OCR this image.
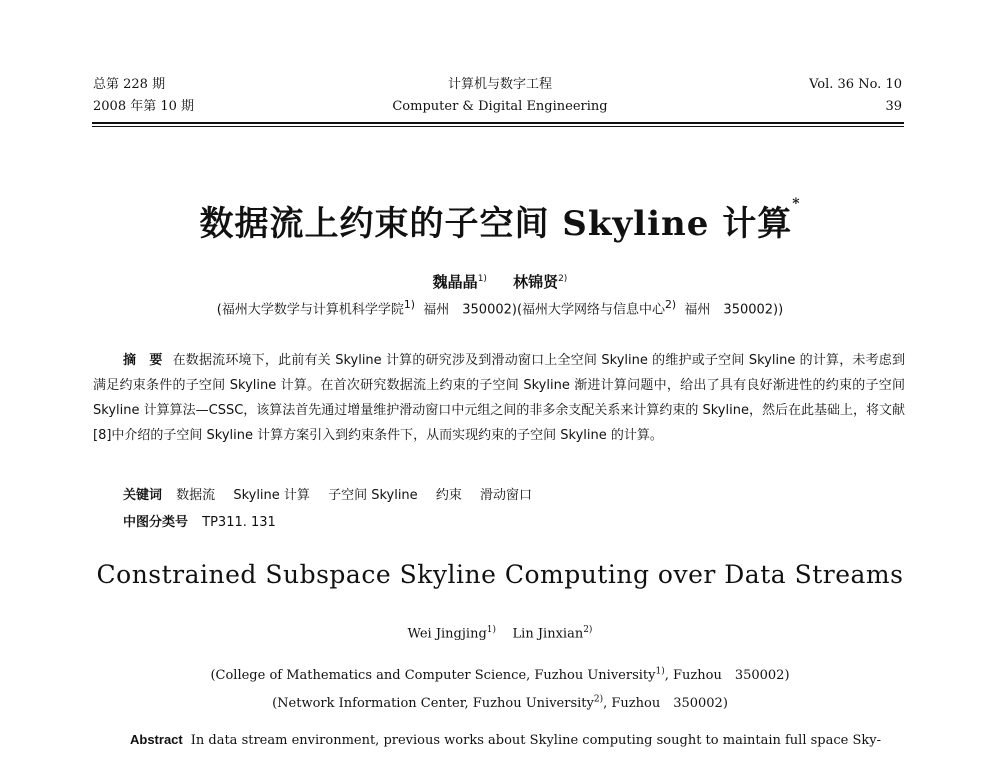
总第 228 期
2008 年第 10 期
计算机与数字工程
Computer & Digital Engineering
Vol. 36 No. 10
39
数据流上约束的子空间 Skyline 计算*
魏晶晶$^{1)}$ 林锦贤$^{2)}$
(福州大学数学与计算机科学学院$^{1)}$ 福州　350002)(福州大学网络与信息中心$^{2)}$ 福州　350002))
摘　要 在数据流环境下，此前有关 Skyline 计算的研究涉及到滑动窗口上全空间 Skyline 的维护或子空间 Skyline 的计算，未考虑到满足约束条件的子空间 Skyline 计算。在首次研究数据流上约束的子空间 Skyline 渐进计算问题中，给出了具有良好渐进性的约束的子空间 Skyline 计算算法—CSSC，该算法首先通过增量维护滑动窗口中元组之间的非多余支配关系来计算约束的 Skyline，然后在此基础上，将文献[8]中介绍的子空间 Skyline 计算方案引入到约束条件下，从而实现约束的子空间 Skyline 的计算。
关键词 数据流 Skyline 计算 子空间 Skyline 约束 滑动窗口
中图分类号 TP311. 131
Constrained Subspace Skyline Computing over Data Streams
Wei Jingjing$^{1)}$ Lin Jinxian$^{2)}$
(College of Mathematics and Computer Science, Fuzhou University$^{1)}$, Fuzhou　350002)
(Network Information Center, Fuzhou University$^{2)}$, Fuzhou　350002)
Abstract In data stream environment, previous works about Skyline computing sought to maintain full space Sky-
